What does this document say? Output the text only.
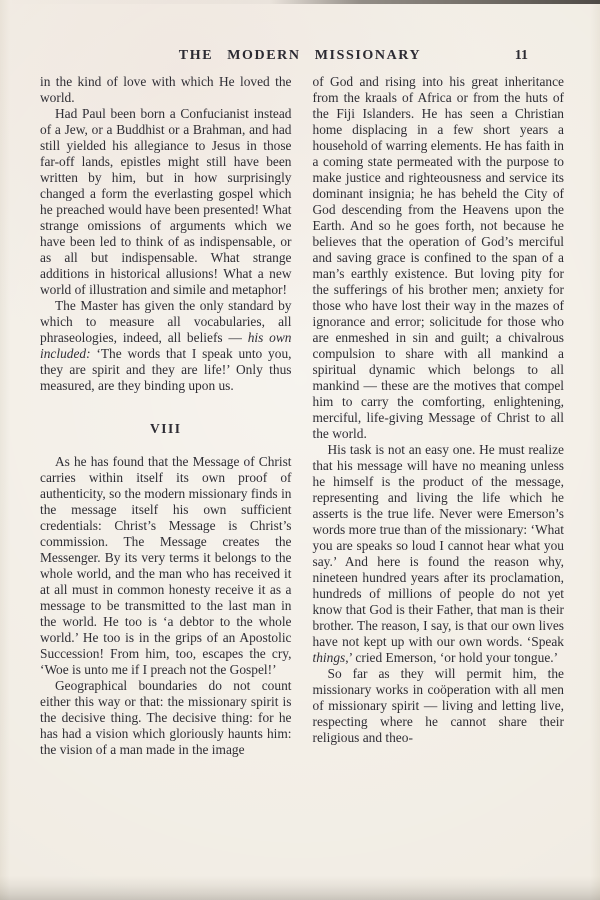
THE MODERN MISSIONARY	11

in the kind of love with which He loved the world.

Had Paul been born a Confucianist instead of a Jew, or a Buddhist or a Brahman, and had still yielded his allegiance to Jesus in those far-off lands, epistles might still have been written by him, but in how surprisingly changed a form the everlasting gospel which he preached would have been presented! What strange omissions of arguments which we have been led to think of as indispensable, or as all but indispensable. What strange additions in historical allusions! What a new world of illustration and simile and metaphor!

The Master has given the only standard by which to measure all vocabularies, all phraseologies, indeed, all beliefs — his own included: ‘The words that I speak unto you, they are spirit and they are life!’ Only thus measured, are they binding upon us.

VIII

As he has found that the Message of Christ carries within itself its own proof of authenticity, so the modern missionary finds in the message itself his own sufficient credentials: Christ’s Message is Christ’s commission. The Message creates the Messenger. By its very terms it belongs to the whole world, and the man who has received it at all must in common honesty receive it as a message to be transmitted to the last man in the world. He too is ‘a debtor to the whole world.’ He too is in the grips of an Apostolic Succession! From him, too, escapes the cry, ‘Woe is unto me if I preach not the Gospel!’

Geographical boundaries do not count either this way or that: the missionary spirit is the decisive thing. The decisive thing: for he has had a vision which gloriously haunts him: the vision of a man made in the image

of God and rising into his great inheritance from the kraals of Africa or from the huts of the Fiji Islanders. He has seen a Christian home displacing in a few short years a household of warring elements. He has faith in a coming state permeated with the purpose to make justice and righteousness and service its dominant insignia; he has beheld the City of God descending from the Heavens upon the Earth. And so he goes forth, not because he believes that the operation of God’s merciful and saving grace is confined to the span of a man’s earthly existence. But loving pity for the sufferings of his brother men; anxiety for those who have lost their way in the mazes of ignorance and error; solicitude for those who are enmeshed in sin and guilt; a chivalrous compulsion to share with all mankind a spiritual dynamic which belongs to all mankind — these are the motives that compel him to carry the comforting, enlightening, merciful, life-giving Message of Christ to all the world.

His task is not an easy one. He must realize that his message will have no meaning unless he himself is the product of the message, representing and living the life which he asserts is the true life. Never were Emerson’s words more true than of the missionary: ‘What you are speaks so loud I cannot hear what you say.’ And here is found the reason why, nineteen hundred years after its proclamation, hundreds of millions of people do not yet know that God is their Father, that man is their brother. The reason, I say, is that our own lives have not kept up with our own words. ‘Speak things,’ cried Emerson, ‘or hold your tongue.’

So far as they will permit him, the missionary works in coöperation with all men of missionary spirit — living and letting live, respecting where he cannot share their religious and theo-
